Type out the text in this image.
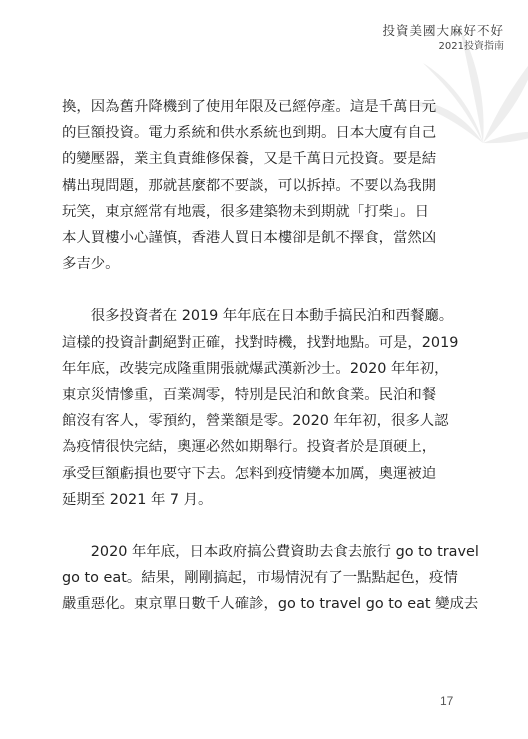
投資美國大麻好不好
2021投資指南

換，因為舊升降機到了使用年限及已經停產。這是千萬日元

的巨額投資。電力系統和供水系統也到期。日本大廈有自己

的變壓器，業主負責維修保養，又是千萬日元投資。要是結

構出現問題，那就甚麼都不要談，可以拆掉。不要以為我開

玩笑，東京經常有地震，很多建築物未到期就「打柴」。日

本人買樓小心謹慎，香港人買日本樓卻是飢不擇食，當然凶

多吉少。

　　很多投資者在 2019 年年底在日本動手搞民泊和西餐廳。

這樣的投資計劃絕對正確，找對時機，找對地點。可是，2019

年年底，改裝完成隆重開張就爆武漢新沙士。2020 年年初，

東京災情慘重，百業凋零，特別是民泊和飲食業。民泊和餐

館沒有客人，零預約，營業額是零。2020 年年初，很多人認

為疫情很快完結，奧運必然如期舉行。投資者於是頂硬上，

承受巨額虧損也要守下去。怎料到疫情變本加厲，奧運被迫

延期至 2021 年 7 月。

　　2020 年年底，日本政府搞公費資助去食去旅行 go to travel

go to eat。結果，剛剛搞起，市場情況有了一點點起色，疫情

嚴重惡化。東京單日數千人確診，go to travel go to eat 變成去

17
